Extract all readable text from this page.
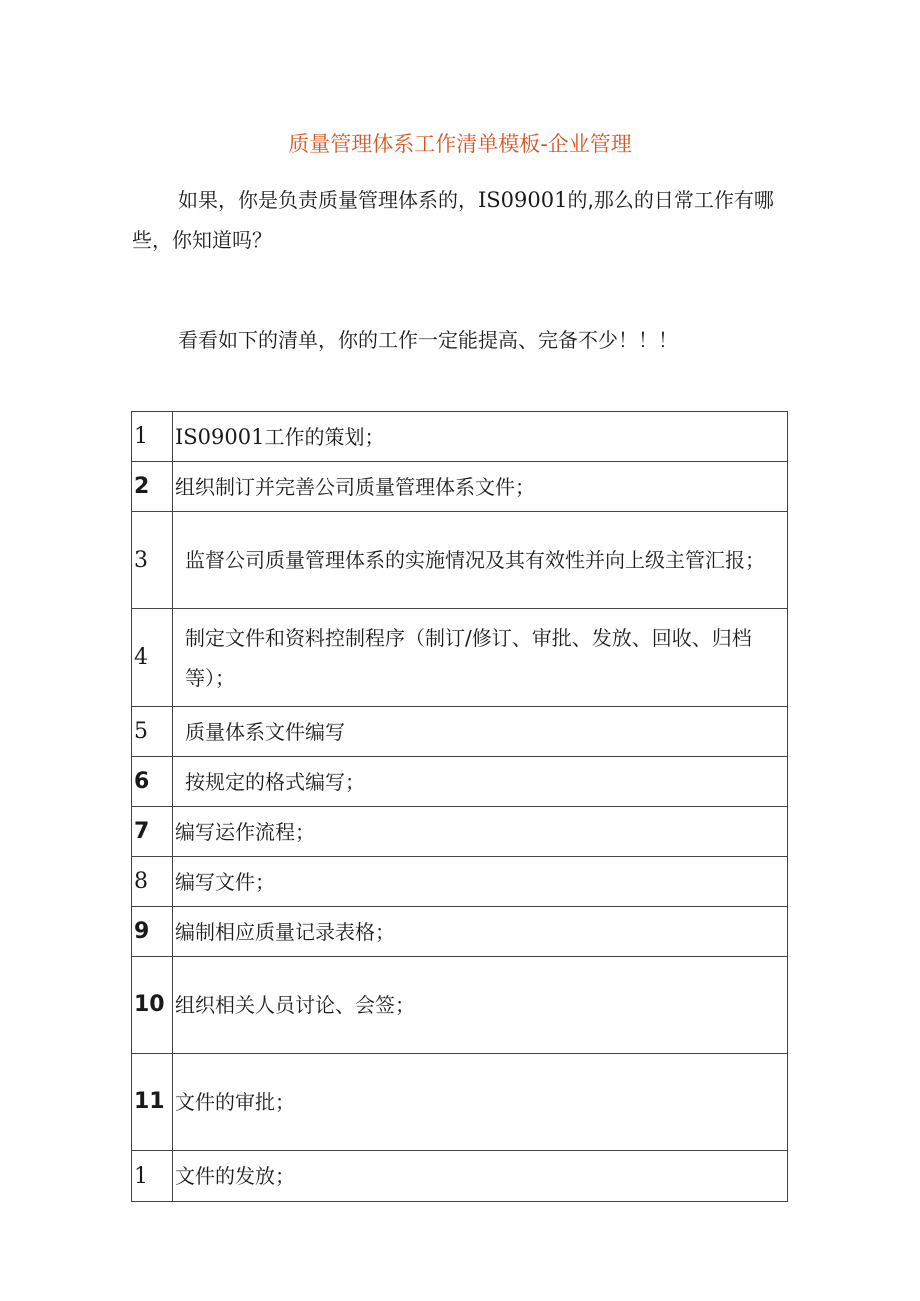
质量管理体系工作清单模板-企业管理

如果，你是负责质量管理体系的，IS09001的,那么的日常工作有哪些，你知道吗？

看看如下的清单，你的工作一定能提高、完备不少！！！

1	IS09001工作的策划；
2	组织制订并完善公司质量管理体系文件；
3	监督公司质量管理体系的实施情况及其有效性并向上级主管汇报；
4	制定文件和资料控制程序（制订/修订、审批、发放、回收、归档等）；
5	质量体系文件编写
6	按规定的格式编写；
7	编写运作流程；
8	编写文件；
9	编制相应质量记录表格；
10	组织相关人员讨论、会签；
11	文件的审批；
1	文件的发放；
